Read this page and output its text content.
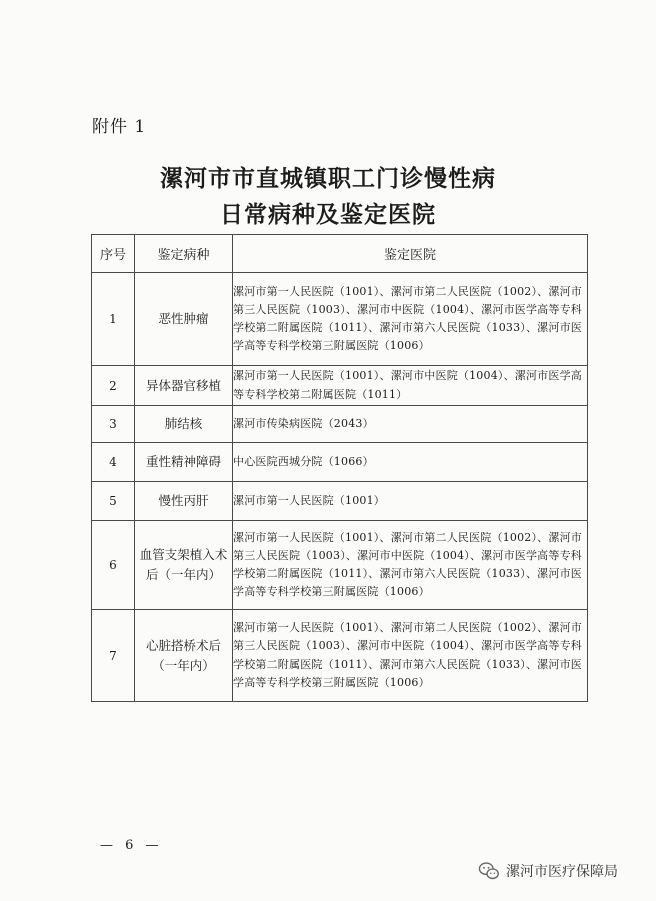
附件 1
漯河市市直城镇职工门诊慢性病
日常病种及鉴定医院
序号	鉴定病种	鉴定医院
1	恶性肿瘤	漯河市第一人民医院（1001）、漯河市第二人民医院（1002）、漯河市第三人民医院（1003）、漯河市中医院（1004）、漯河市医学高等专科学校第二附属医院（1011）、漯河市第六人民医院（1033）、漯河市医学高等专科学校第三附属医院（1006）
2	异体器官移植	漯河市第一人民医院（1001）、漯河市中医院（1004）、漯河市医学高等专科学校第二附属医院（1011）
3	肺结核	漯河市传染病医院（2043）
4	重性精神障碍	中心医院西城分院（1066）
5	慢性丙肝	漯河市第一人民医院（1001）
6	血管支架植入术后（一年内）	漯河市第一人民医院（1001）、漯河市第二人民医院（1002）、漯河市第三人民医院（1003）、漯河市中医院（1004）、漯河市医学高等专科学校第二附属医院（1011）、漯河市第六人民医院（1033）、漯河市医学高等专科学校第三附属医院（1006）
7	心脏搭桥术后（一年内）	漯河市第一人民医院（1001）、漯河市第二人民医院（1002）、漯河市第三人民医院（1003）、漯河市中医院（1004）、漯河市医学高等专科学校第二附属医院（1011）、漯河市第六人民医院（1033）、漯河市医学高等专科学校第三附属医院（1006）
— 6 —
漯河市医疗保障局
